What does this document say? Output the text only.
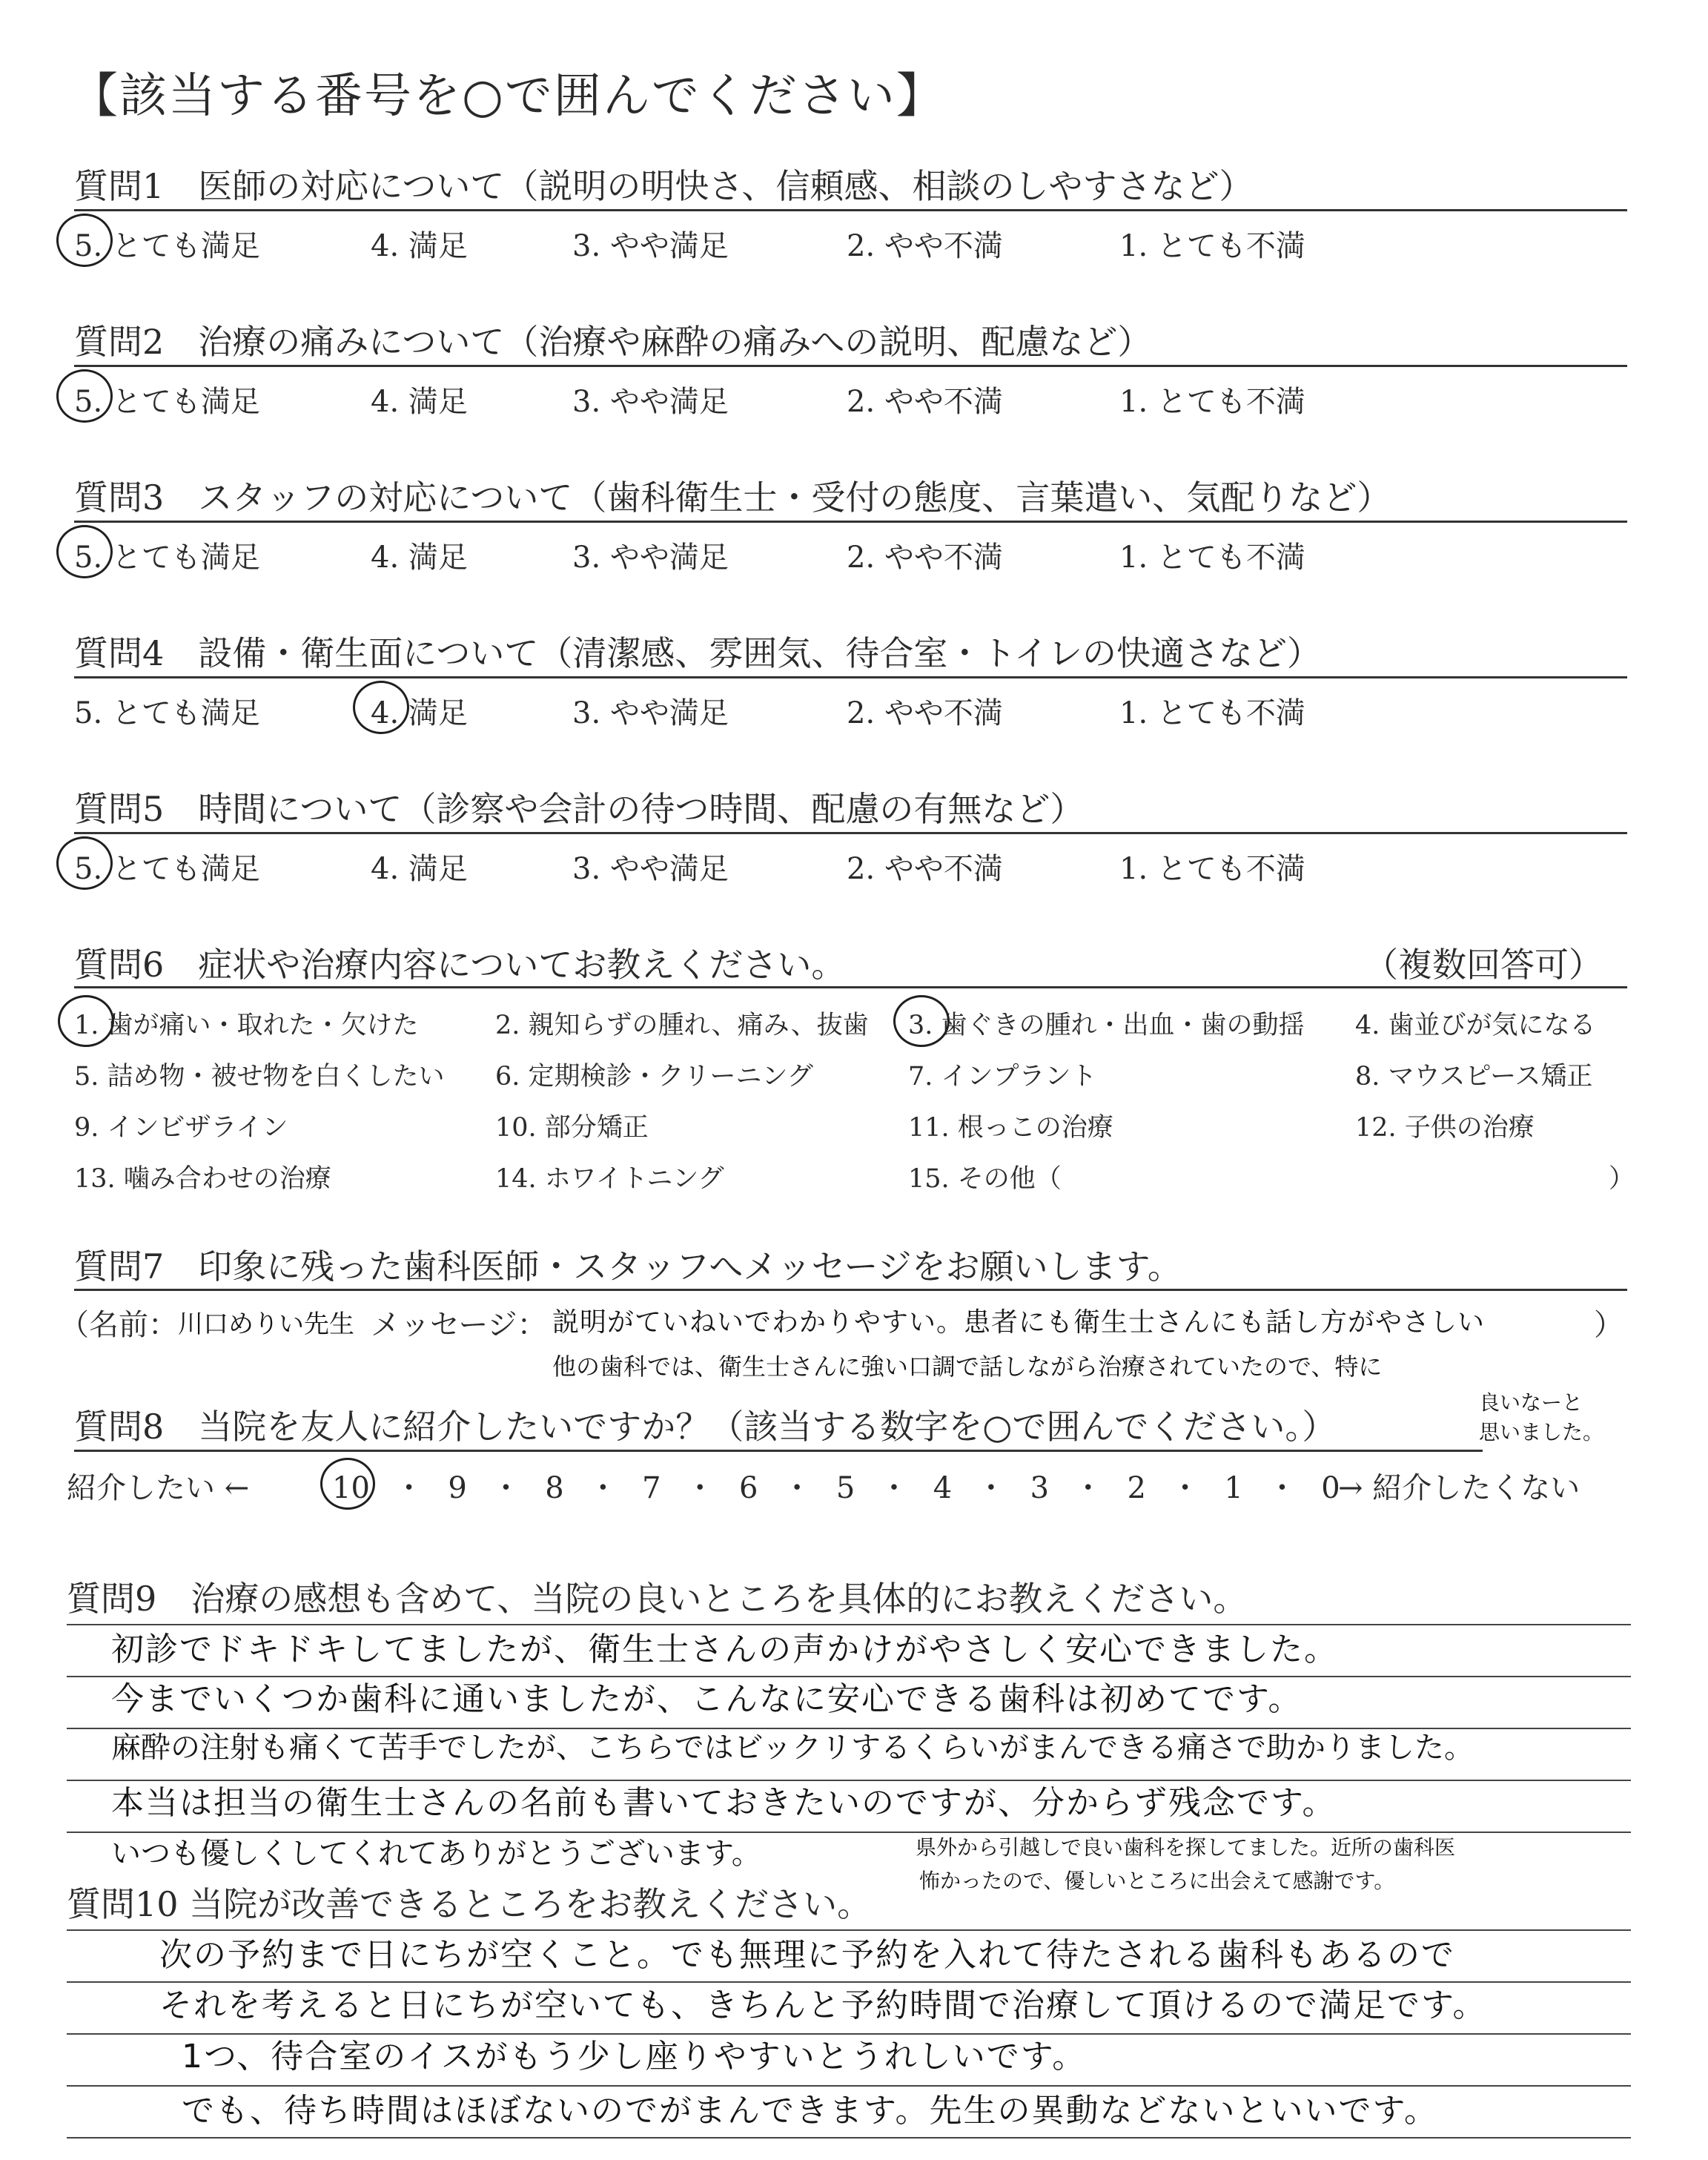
【該当する番号を○で囲んでください】
質問1　医師の対応について（説明の明快さ、信頼感、相談のしやすさなど）
5. とても満足	4. 満足	3. やや満足	2. やや不満	1. とても不満
質問2　治療の痛みについて（治療や麻酔の痛みへの説明、配慮など）
5. とても満足	4. 満足	3. やや満足	2. やや不満	1. とても不満
質問3　スタッフの対応について（歯科衛生士・受付の態度、言葉遣い、気配りなど）
5. とても満足	4. 満足	3. やや満足	2. やや不満	1. とても不満
質問4　設備・衛生面について（清潔感、雰囲気、待合室・トイレの快適さなど）
5. とても満足	4. 満足	3. やや満足	2. やや不満	1. とても不満
質問5　時間について（診察や会計の待つ時間、配慮の有無など）
5. とても満足	4. 満足	3. やや満足	2. やや不満	1. とても不満
質問6　症状や治療内容についてお教えください。	（複数回答可）
1. 歯が痛い・取れた・欠けた	2. 親知らずの腫れ、痛み、抜歯 3. 歯ぐきの腫れ・出血・歯の動揺 4. 歯並びが気になる
5. 詰め物・被せ物を白くしたい 6. 定期検診・クリーニング	7. インプラント	8. マウスピース矯正
9. インビザライン	10. 部分矯正	11. 根っこの治療	12. 子供の治療
13. 噛み合わせの治療	14. ホワイトニング	15. その他（	）
質問7　印象に残った歯科医師・スタッフへメッセージをお願いします。
（名前： 川口めりい先生 メッセージ： 説明がていねいでわかりやすい。患者にも衛生士さんにも話し方がやさしい	）
他の歯科では、衛生士さんに強い口調で話しながら治療されていたので、特に
良いなーと
思いました。
質問8　当院を友人に紹介したいですか？（該当する数字を○で囲んでください。）
紹介したい ←	10 ・ 9 ・ 8 ・ 7 ・ 6 ・ 5 ・ 4 ・ 3 ・ 2 ・ 1 ・ 0
→ 紹介したくない
質問9　治療の感想も含めて、当院の良いところを具体的にお教えください。
初診でドキドキしてましたが、衛生士さんの声かけがやさしく安心できました。
今までいくつか歯科に通いましたが、こんなに安心できる歯科は初めてです。
麻酔の注射も痛くて苦手でしたが、こちらではビックリするくらいがまんできる痛さで助かりました。
本当は担当の衛生士さんの名前も書いておきたいのですが、分からず残念です。
いつも優しくしてくれてありがとうございます。	県外から引越しで良い歯科を探してました。近所の歯科医
怖かったので、優しいところに出会えて感謝です。
質問10 当院が改善できるところをお教えください。
次の予約まで日にちが空くこと。でも無理に予約を入れて待たされる歯科もあるので
それを考えると日にちが空いても、きちんと予約時間で治療して頂けるので満足です。
1つ、待合室のイスがもう少し座りやすいとうれしいです。
でも、待ち時間はほぼないのでがまんできます。先生の異動などないといいです。
